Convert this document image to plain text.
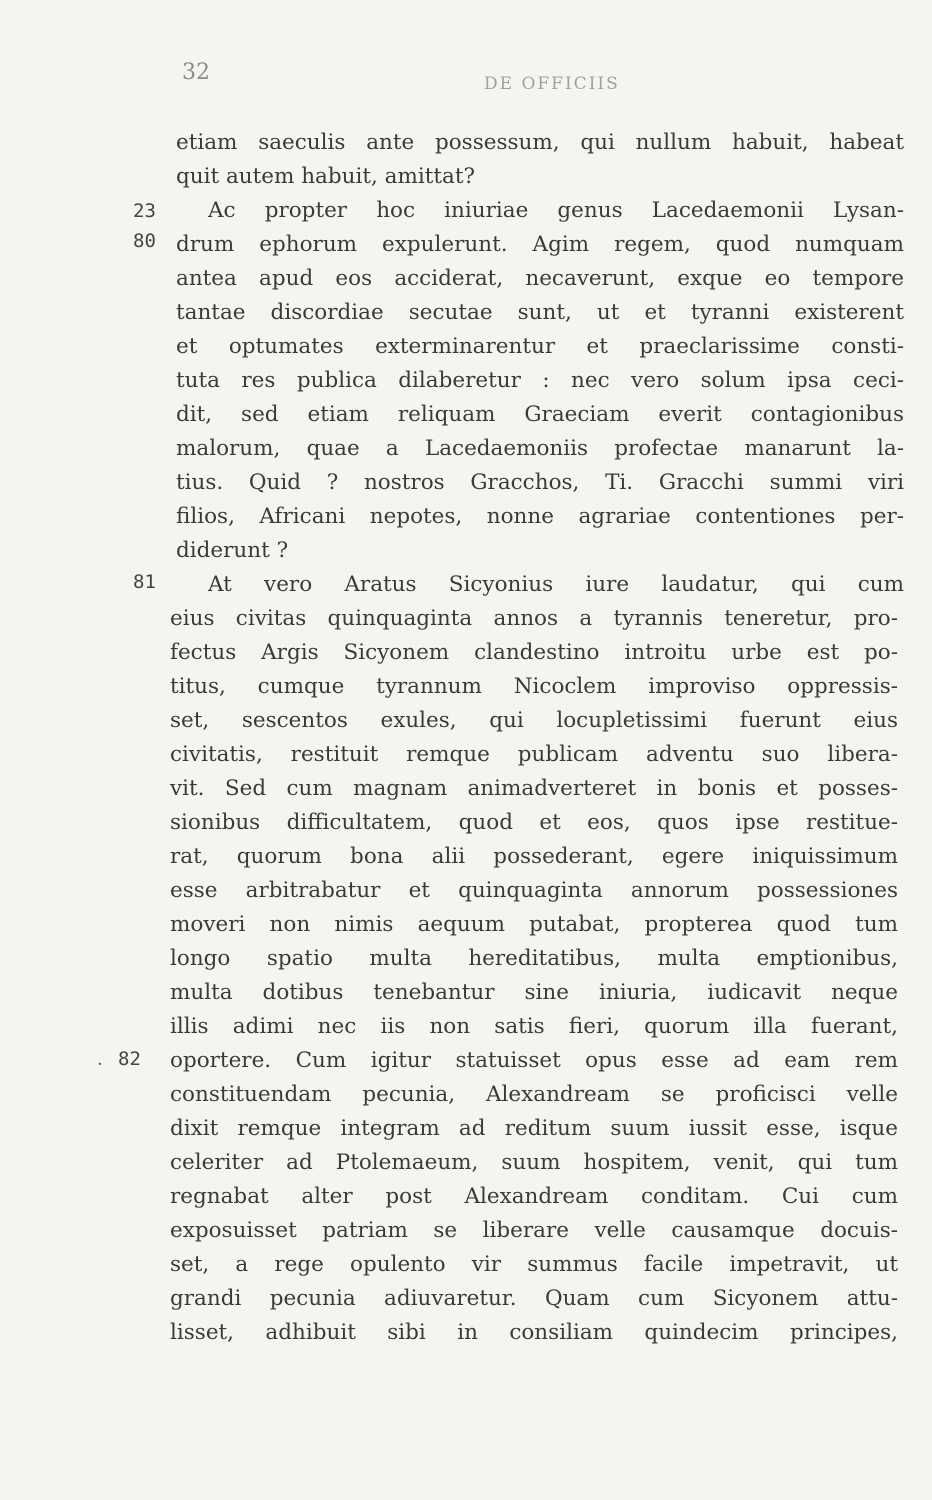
32	DE OFFICIIS
23
80
81
· 82
etiam saeculis ante possessum, qui nullum habuit, habeat
quit autem habuit, amittat?
Ac propter hoc iniuriae genus Lacedaemonii Lysan-
drum ephorum expulerunt. Agim regem, quod numquam
antea apud eos acciderat, necaverunt, exque eo tempore
tantae discordiae secutae sunt, ut et tyranni existerent
et optumates exterminarentur et praeclarissime consti-
tuta res publica dilaberetur : nec vero solum ipsa ceci-
dit, sed etiam reliquam Graeciam everit contagionibus
malorum, quae a Lacedaemoniis profectae manarunt la-
tius. Quid ? nostros Gracchos, Ti. Gracchi summi viri
filios, Africani nepotes, nonne agrariae contentiones per-
diderunt ?
At vero Aratus Sicyonius iure laudatur, qui cum
eius civitas quinquaginta annos a tyrannis teneretur, pro-
fectus Argis Sicyonem clandestino introitu urbe est po-
titus, cumque tyrannum Nicoclem improviso oppressis-
set, sescentos exules, qui locupletissimi fuerunt eius
civitatis, restituit remque publicam adventu suo libera-
vit. Sed cum magnam animadverteret in bonis et posses-
sionibus difficultatem, quod et eos, quos ipse restitue-
rat, quorum bona alii possederant, egere iniquissimum
esse arbitrabatur et quinquaginta annorum possessiones
moveri non nimis aequum putabat, propterea quod tum
longo spatio multa hereditatibus, multa emptionibus,
multa dotibus tenebantur sine iniuria, iudicavit neque
illis adimi nec iis non satis fieri, quorum illa fuerant,
oportere. Cum igitur statuisset opus esse ad eam rem
constituendam pecunia, Alexandream se proficisci velle
dixit remque integram ad reditum suum iussit esse, isque
celeriter ad Ptolemaeum, suum hospitem, venit, qui tum
regnabat alter post Alexandream conditam. Cui cum
exposuisset patriam se liberare velle causamque docuis-
set, a rege opulento vir summus facile impetravit, ut
grandi pecunia adiuvaretur. Quam cum Sicyonem attu-
lisset, adhibuit sibi in consiliam quindecim principes,
